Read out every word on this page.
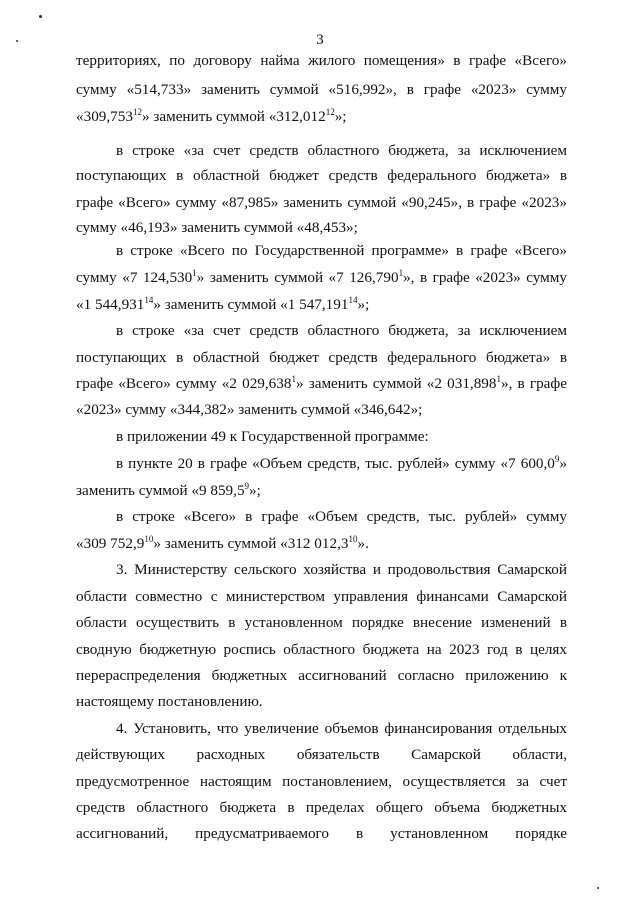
3
территориях, по договору найма жилого помещения» в графе «Всего»
сумму «514,733» заменить суммой «516,992», в графе «2023» сумму
«309,753$^{12}$» заменить суммой «312,012$^{12}$»;
в строке «за счет средств областного бюджета, за исключением
поступающих в областной бюджет средств федерального бюджета» в
графе «Всего» сумму «87,985» заменить суммой «90,245», в графе «2023»
сумму «46,193» заменить суммой «48,453»;
в строке «Всего по Государственной программе» в графе «Всего»
сумму «7 124,530$^1$» заменить суммой «7 126,790$^1$», в графе «2023» сумму
«1 544,931$^{14}$» заменить суммой «1 547,191$^{14}$»;
в строке «за счет средств областного бюджета, за исключением
поступающих в областной бюджет средств федерального бюджета» в
графе «Всего» сумму «2 029,638$^1$» заменить суммой «2 031,898$^1$», в графе
«2023» сумму «344,382» заменить суммой «346,642»;
в приложении 49 к Государственной программе:
в пункте 20 в графе «Объем средств, тыс. рублей» сумму «7 600,0$^9$»
заменить суммой «9 859,5$^9$»;
в строке «Всего» в графе «Объем средств, тыс. рублей» сумму
«309 752,9$^{10}$» заменить суммой «312 012,3$^{10}$».
3. Министерству сельского хозяйства и продовольствия Самарской
области совместно с министерством управления финансами Самарской
области осуществить в установленном порядке внесение изменений в
сводную бюджетную роспись областного бюджета на 2023 год в целях
перераспределения бюджетных ассигнований согласно приложению к
настоящему постановлению.
4. Установить, что увеличение объемов финансирования отдельных
действующих расходных обязательств Самарской области,
предусмотренное настоящим постановлением, осуществляется за счет
средств областного бюджета в пределах общего объема бюджетных
ассигнований, предусматриваемого в установленном порядке
